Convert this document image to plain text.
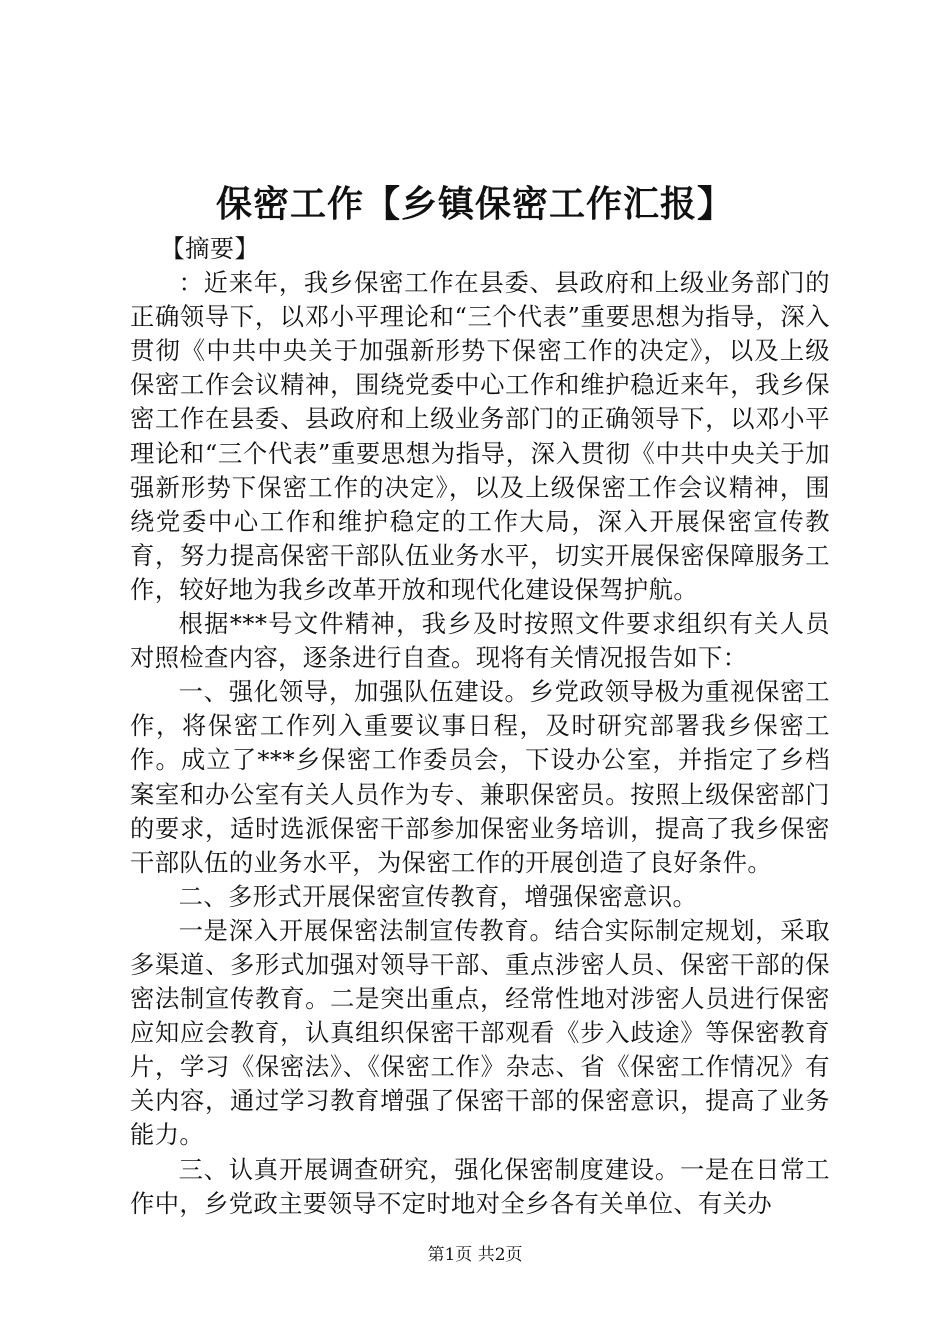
保密工作【乡镇保密工作汇报】

【摘要】

：近来年，我乡保密工作在县委、县政府和上级业务部门的正确领导下，以邓小平理论和“三个代表”重要思想为指导，深入贯彻《中共中央关于加强新形势下保密工作的决定》，以及上级保密工作会议精神，围绕党委中心工作和维护稳近来年，我乡保密工作在县委、县政府和上级业务部门的正确领导下，以邓小平理论和“三个代表”重要思想为指导，深入贯彻《中共中央关于加强新形势下保密工作的决定》，以及上级保密工作会议精神，围绕党委中心工作和维护稳定的工作大局，深入开展保密宣传教育，努力提高保密干部队伍业务水平，切实开展保密保障服务工作，较好地为我乡改革开放和现代化建设保驾护航。

根据***号文件精神，我乡及时按照文件要求组织有关人员对照检查内容，逐条进行自查。现将有关情况报告如下：

一、强化领导，加强队伍建设。乡党政领导极为重视保密工作，将保密工作列入重要议事日程，及时研究部署我乡保密工作。成立了***乡保密工作委员会，下设办公室，并指定了乡档案室和办公室有关人员作为专、兼职保密员。按照上级保密部门的要求，适时选派保密干部参加保密业务培训，提高了我乡保密干部队伍的业务水平，为保密工作的开展创造了良好条件。

二、多形式开展保密宣传教育，增强保密意识。

一是深入开展保密法制宣传教育。结合实际制定规划，采取多渠道、多形式加强对领导干部、重点涉密人员、保密干部的保密法制宣传教育。二是突出重点，经常性地对涉密人员进行保密应知应会教育，认真组织保密干部观看《步入歧途》等保密教育片，学习《保密法》、《保密工作》杂志、省《保密工作情况》有关内容，通过学习教育增强了保密干部的保密意识，提高了业务能力。

三、认真开展调查研究，强化保密制度建设。一是在日常工作中，乡党政主要领导不定时地对全乡各有关单位、有关办

第1页 共2页
